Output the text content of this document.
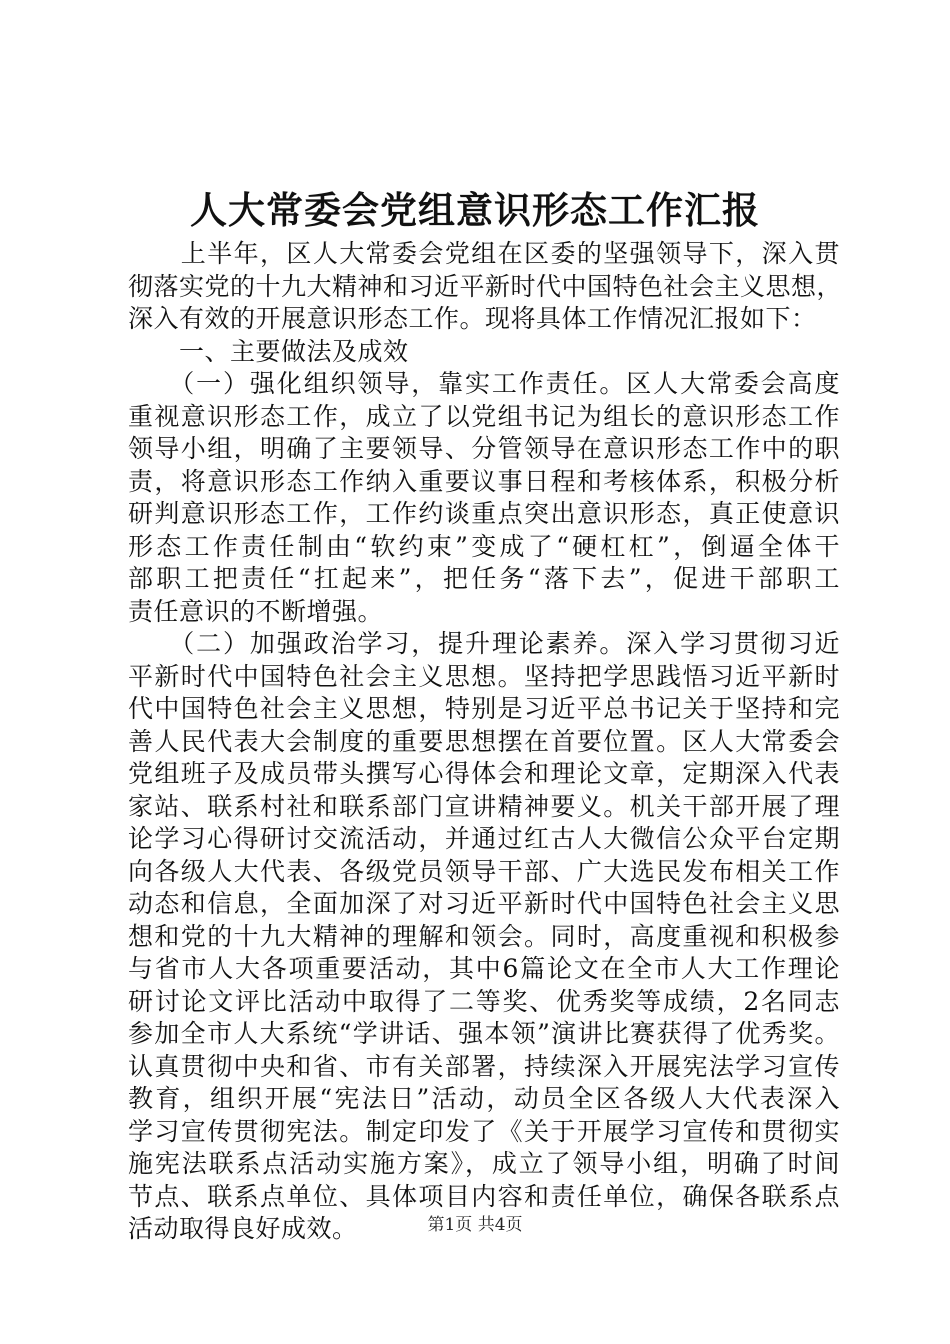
人大常委会党组意识形态工作汇报
　　上半年，区人大常委会党组在区委的坚强领导下，深入贯
彻落实党的十九大精神和习近平新时代中国特色社会主义思想，
深入有效的开展意识形态工作。现将具体工作情况汇报如下：
　　一、主要做法及成效
　　（一）强化组织领导，靠实工作责任。区人大常委会高度
重视意识形态工作，成立了以党组书记为组长的意识形态工作
领导小组，明确了主要领导、分管领导在意识形态工作中的职
责，将意识形态工作纳入重要议事日程和考核体系，积极分析
研判意识形态工作，工作约谈重点突出意识形态，真正使意识
形态工作责任制由“软约束”变成了“硬杠杠”，倒逼全体干
部职工把责任“扛起来”，把任务“落下去”，促进干部职工
责任意识的不断增强。
　　（二）加强政治学习，提升理论素养。深入学习贯彻习近
平新时代中国特色社会主义思想。坚持把学思践悟习近平新时
代中国特色社会主义思想，特别是习近平总书记关于坚持和完
善人民代表大会制度的重要思想摆在首要位置。区人大常委会
党组班子及成员带头撰写心得体会和理论文章，定期深入代表
家站、联系村社和联系部门宣讲精神要义。机关干部开展了理
论学习心得研讨交流活动，并通过红古人大微信公众平台定期
向各级人大代表、各级党员领导干部、广大选民发布相关工作
动态和信息，全面加深了对习近平新时代中国特色社会主义思
想和党的十九大精神的理解和领会。同时，高度重视和积极参
与省市人大各项重要活动，其中6篇论文在全市人大工作理论
研讨论文评比活动中取得了二等奖、优秀奖等成绩，2名同志
参加全市人大系统“学讲话、强本领”演讲比赛获得了优秀奖。
认真贯彻中央和省、市有关部署，持续深入开展宪法学习宣传
教育，组织开展“宪法日”活动，动员全区各级人大代表深入
学习宣传贯彻宪法。制定印发了《关于开展学习宣传和贯彻实
施宪法联系点活动实施方案》，成立了领导小组，明确了时间
节点、联系点单位、具体项目内容和责任单位，确保各联系点
活动取得良好成效。	第1页 共4页
